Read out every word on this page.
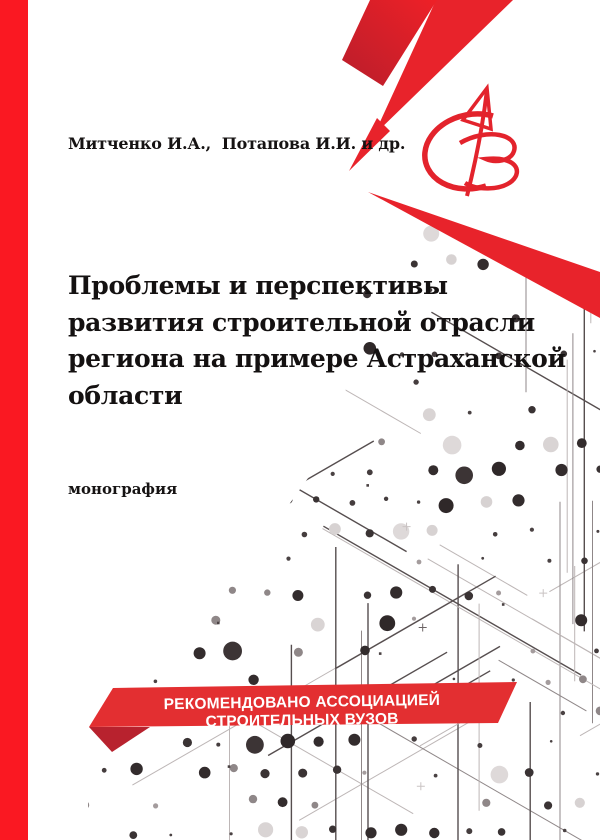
Митченко И.А.,  Потапова И.И. и др.
Проблемы и перспективы
развития строительной отрасли
региона на примере Астраханской
области
монография
РЕКОМЕНДОВАНО АССОЦИАЦИЕЙ СТРОИТЕЛЬНЫХ ВУЗОВ
